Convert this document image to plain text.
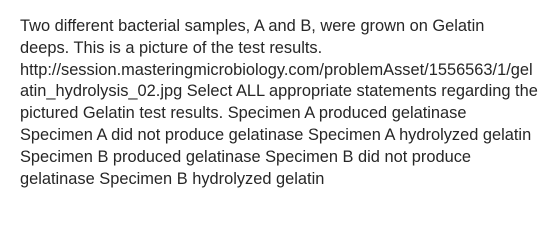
Two different bacterial samples, A and B, were grown on Gelatin deeps. This is a picture of the test results. http://session.masteringmicrobiology.com/problemAsset/1556563/1/gelatin_hydrolysis_02.jpg Select ALL appropriate statements regarding the pictured Gelatin test results. Specimen A produced gelatinase Specimen A did not produce gelatinase Specimen A hydrolyzed gelatin Specimen B produced gelatinase Specimen B did not produce gelatinase Specimen B hydrolyzed gelatin
